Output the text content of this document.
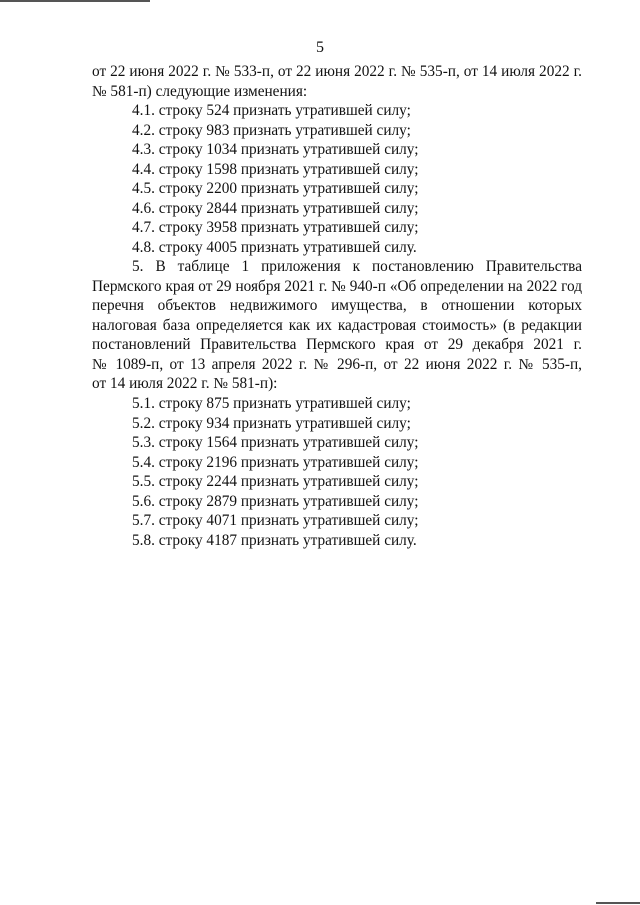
5
от 22 июня 2022 г. № 533-п, от 22 июня 2022 г. № 535-п, от 14 июля 2022 г.
№ 581-п) следующие изменения:
4.1. строку 524 признать утратившей силу;
4.2. строку 983 признать утратившей силу;
4.3. строку 1034 признать утратившей силу;
4.4. строку 1598 признать утратившей силу;
4.5. строку 2200 признать утратившей силу;
4.6. строку 2844 признать утратившей силу;
4.7. строку 3958 признать утратившей силу;
4.8. строку 4005 признать утратившей силу.
5. В таблице 1 приложения к постановлению Правительства
Пермского края от 29 ноября 2021 г. № 940-п «Об определении на 2022 год
перечня объектов недвижимого имущества, в отношении которых
налоговая база определяется как их кадастровая стоимость» (в редакции
постановлений Правительства Пермского края от 29 декабря 2021 г.
№ 1089-п, от 13 апреля 2022 г. № 296-п, от 22 июня 2022 г. № 535-п,
от 14 июля 2022 г. № 581-п):
5.1. строку 875 признать утратившей силу;
5.2. строку 934 признать утратившей силу;
5.3. строку 1564 признать утратившей силу;
5.4. строку 2196 признать утратившей силу;
5.5. строку 2244 признать утратившей силу;
5.6. строку 2879 признать утратившей силу;
5.7. строку 4071 признать утратившей силу;
5.8. строку 4187 признать утратившей силу.
